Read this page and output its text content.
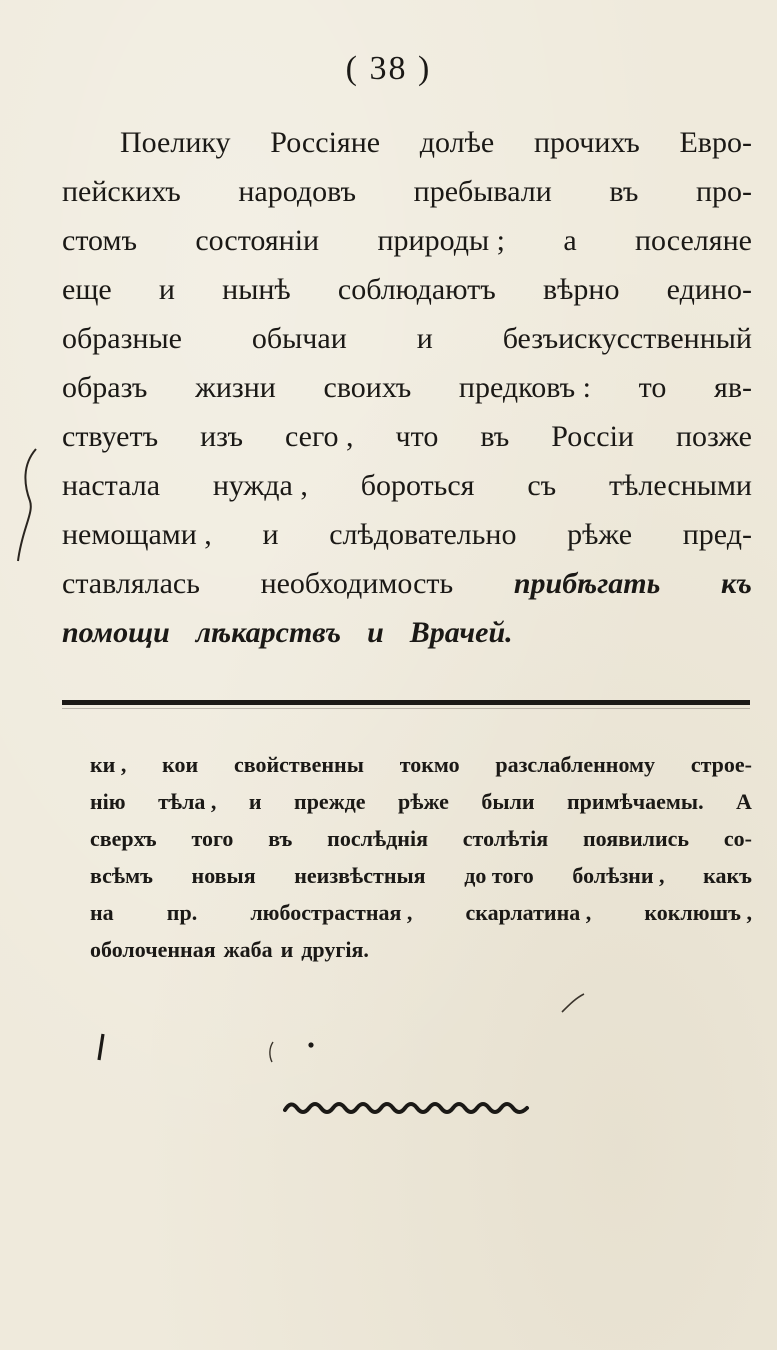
( 38 )
Поелику Россіяне долѣе прочихъ Евро-
пейскихъ народовъ пребывали въ про-
стомъ состояніи природы ; а поселяне
еще и нынѣ соблюдаютъ вѣрно едино-
образные обычаи и безъискусственный
образъ жизни своихъ предковъ : то яв-
ствуетъ изъ сего , что въ Россіи позже
настала нужда , бороться съ тѣлесными
немощами , и слѣдовательно рѣже пред-
ставлялась необходимость прибѣгать къ
помощи лѣкарствъ и Врачей.
ки , кои свойственны токмо разслабленному строе-
нію тѣла , и прежде рѣже были примѣчаемы. А
сверхъ того въ послѣднія столѣтія появились со-
всѣмъ новыя неизвѣстныя до того болѣзни , какъ
на пр. любострастная , скарлатина , коклюшъ ,
оболоченная жаба и другія.
